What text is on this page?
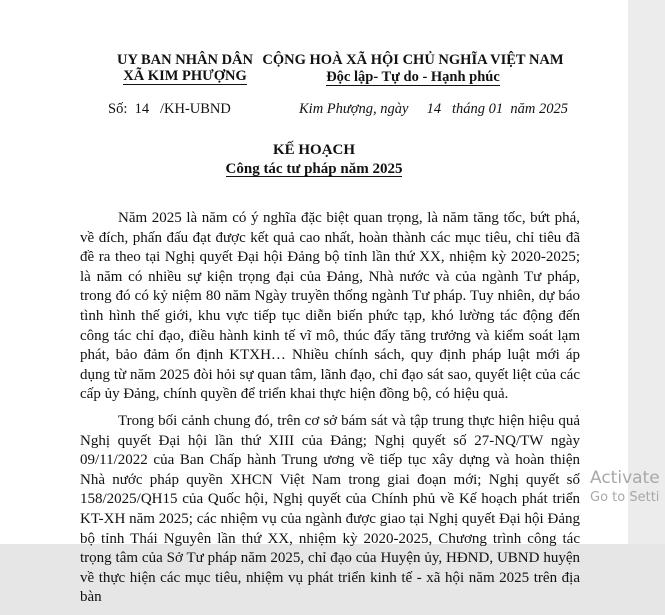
UY BAN NHÂN DÂN
XÃ KIM PHƯỢNG
CỘNG HOÀ XÃ HỘI CHỦ NGHĨA VIỆT NAM
Độc lập- Tự do - Hạnh phúc
Số:  14   /KH-UBND	Kim Phượng, ngày     14   tháng 01  năm 2025
KẾ HOẠCH
Công tác tư pháp năm 2025

Năm 2025 là năm có ý nghĩa đặc biệt quan trọng, là năm tăng tốc, bứt phá, về đích, phấn đấu đạt được kết quả cao nhất, hoàn thành các mục tiêu, chỉ tiêu đã đề ra theo tại Nghị quyết Đại hội Đảng bộ tỉnh lần thứ XX, nhiệm kỳ 2020-2025; là năm có nhiều sự kiện trọng đại của Đảng, Nhà nước và của ngành Tư pháp, trong đó có kỷ niệm 80 năm Ngày truyền thống ngành Tư pháp. Tuy nhiên, dự báo tình hình thế giới, khu vực tiếp tục diễn biến phức tạp, khó lường tác động đến công tác chỉ đạo, điều hành kinh tế vĩ mô, thúc đẩy tăng trưởng và kiểm soát lạm phát, bảo đảm ổn định KTXH… Nhiều chính sách, quy định pháp luật mới áp dụng từ năm 2025 đòi hỏi sự quan tâm, lãnh đạo, chỉ đạo sát sao, quyết liệt của các cấp ủy Đảng, chính quyền để triển khai thực hiện đồng bộ, có hiệu quả.

Trong bối cảnh chung đó, trên cơ sở bám sát và tập trung thực hiện hiệu quả Nghị quyết Đại hội lần thứ XIII của Đảng; Nghị quyết số 27-NQ/TW ngày 09/11/2022 của Ban Chấp hành Trung ương về tiếp tục xây dựng và hoàn thiện Nhà nước pháp quyền XHCN Việt Nam trong giai đoạn mới; Nghị quyết số 158/2025/QH15 của Quốc hội, Nghị quyết của Chính phủ về Kế hoạch phát triển KT-XH năm 2025; các nhiệm vụ của ngành được giao tại Nghị quyết Đại hội Đảng bộ tỉnh Thái Nguyên lần thứ XX, nhiệm kỳ 2020-2025, Chương trình công tác trọng tâm của Sở Tư pháp năm 2025, chỉ đạo của Huyện ủy, HĐND, UBND huyện về thực hiện các mục tiêu, nhiệm vụ phát triển kinh tế - xã hội năm 2025 trên địa bàn

Activate
Go to Setti
